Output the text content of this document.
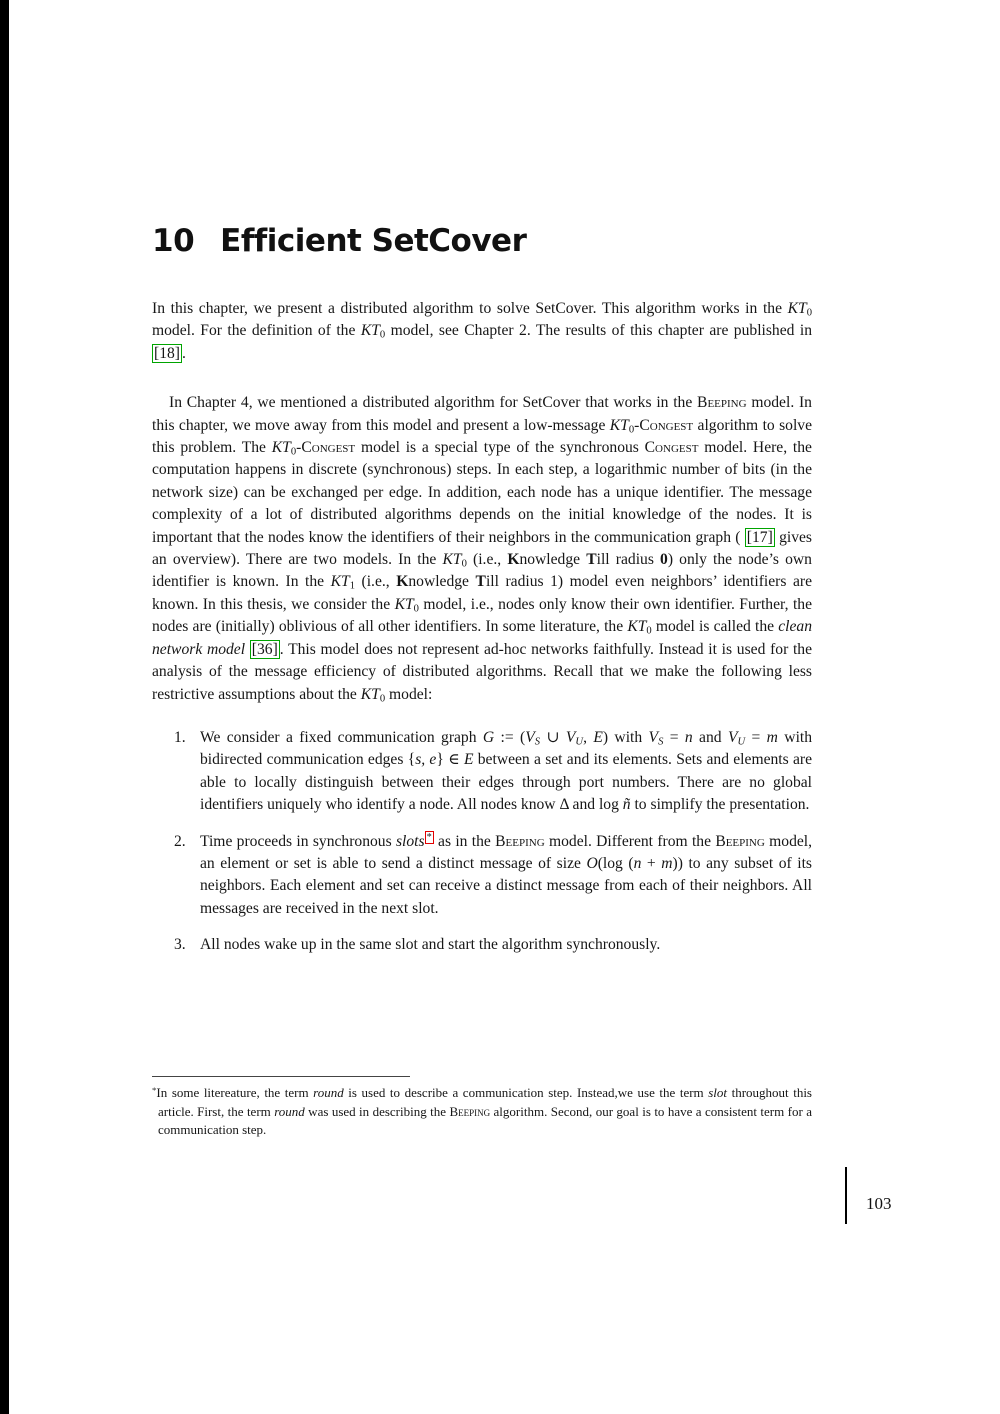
10 Efficient SetCover

In this chapter, we present a distributed algorithm to solve SetCover. This algorithm works in the $KT_0$ model. For the definition of the $KT_0$ model, see Chapter 2. The results of this chapter are published in [18] .

In Chapter 4, we mentioned a distributed algorithm for SetCover that works in the Beeping model. In this chapter, we move away from this model and present a low-message $KT_0$-Congest algorithm to solve this problem. The $KT_0$-Congest model is a special type of the synchronous Congest model. Here, the computation happens in discrete (synchronous) steps. In each step, a logarithmic number of bits (in the network size) can be exchanged per edge. In addition, each node has a unique identifier. The message complexity of a lot of distributed algorithms depends on the initial knowledge of the nodes. It is important that the nodes know the identifiers of their neighbors in the communication graph ( [17] gives an overview). There are two models. In the $KT_0$ (i.e., Knowledge Till radius 0) only the node’s own identifier is known. In the $KT_1$ (i.e., Knowledge Till radius 1) model even neighbors’ identifiers are known. In this thesis, we consider the $KT_0$ model, i.e., nodes only know their own identifier. Further, the nodes are (initially) oblivious of all other identifiers. In some literature, the $KT_0$ model is called the clean network model [36] . This model does not represent ad-hoc networks faithfully. Instead it is used for the analysis of the message efficiency of distributed algorithms. Recall that we make the following less restrictive assumptions about the $KT_0$ model:

1. We consider a fixed communication graph G := (VS ∪ VU, E) with VS = n and VU = m with bidirected communication edges {s, e} ∈ E between a set and its elements. Sets and elements are able to locally distinguish between their edges through port numbers. There are no global identifiers uniquely who identify a node. All nodes know Δ and log ñ to simplify the presentation.
2. Time proceeds in synchronous slots * as in the Beeping model. Different from the Beeping model, an element or set is able to send a distinct message of size O(log (n + m)) to any subset of its neighbors. Each element and set can receive a distinct message from each of their neighbors. All messages are received in the next slot.
3. All nodes wake up in the same slot and start the algorithm synchronously.

*In some litereature, the term round is used to describe a communication step. Instead,we use the term slot throughout this article. First, the term round was used in describing the Beeping algorithm. Second, our goal is to have a consistent term for a communication step.

103
